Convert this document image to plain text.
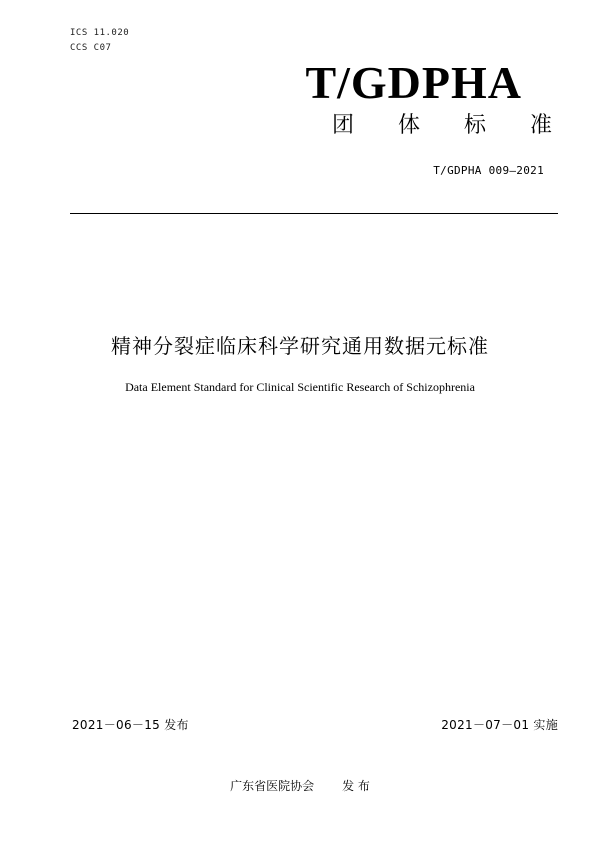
ICS 11.020
CCS C07
T/GDPHA
团 体 标 准
T/GDPHA 009—2021
精神分裂症临床科学研究通用数据元标准
Data Element Standard for Clinical Scientific Research of Schizophrenia
2021－06－15 发布	2021－07－01 实施
广东省医院协会 发 布
